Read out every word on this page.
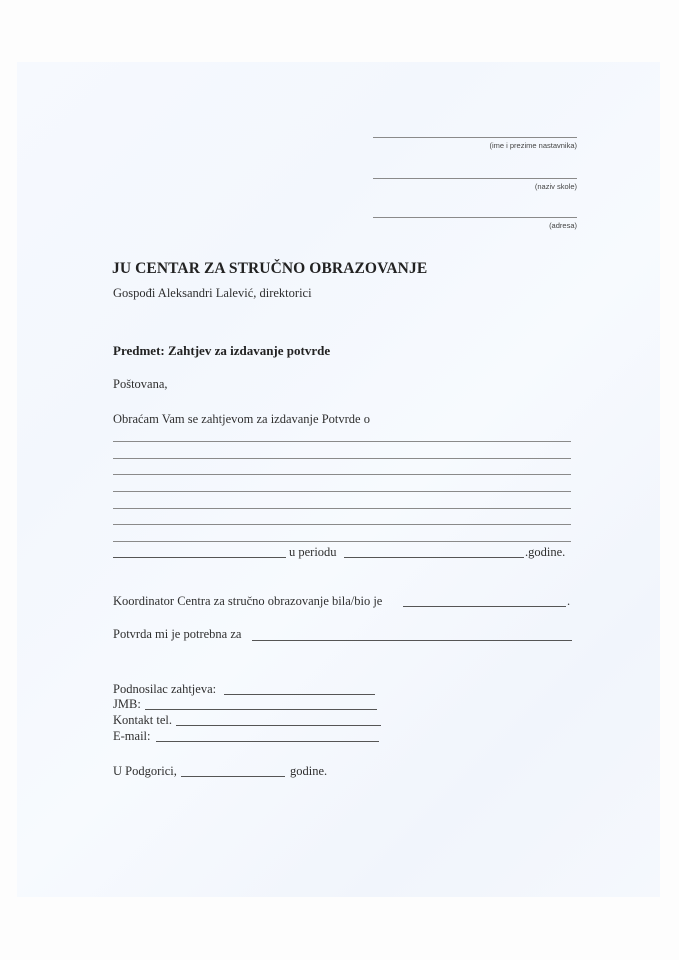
(ime i prezime nastavnika)
(naziv skole)
(adresa)
JU CENTAR ZA STRUČNO OBRAZOVANJE
Gospođi Aleksandri Lalević, direktorici
Predmet: Zahtjev za izdavanje potvrde
Poštovana,
Obraćam Vam se zahtjevom za izdavanje Potvrde o
u periodu	.godine.
Koordinator Centra za stručno obrazovanje bila/bio je	.
Potvrda mi je potrebna za
Podnosilac zahtjeva:
JMB:
Kontakt tel.
E-mail:
U Podgorici,	godine.
